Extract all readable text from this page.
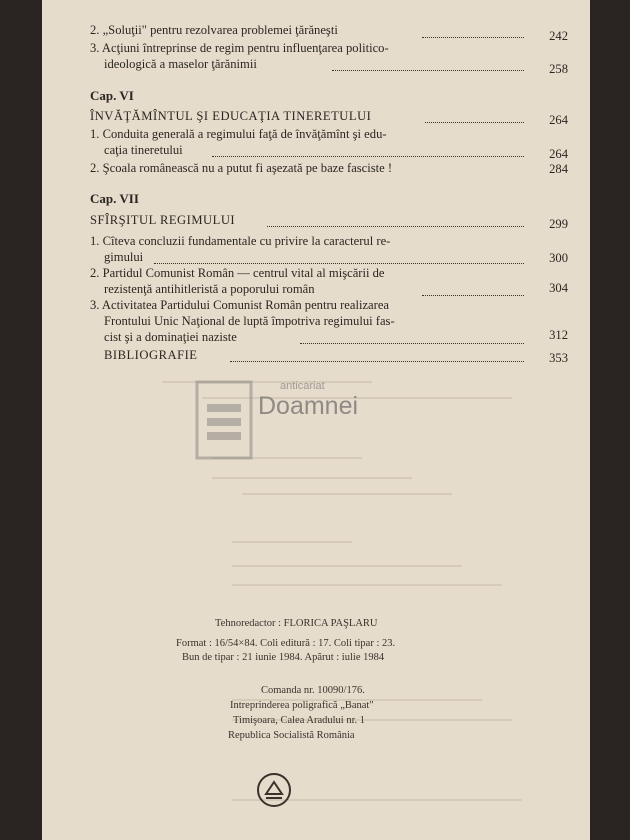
2. „Soluţii" pentru rezolvarea problemei ţărăneşti	242
3. Acţiuni întreprinse de regim pentru influenţarea politico-
ideologică a maselor ţărănimii	258
Cap. VI
ÎNVĂŢĂMÎNTUL ŞI EDUCAŢIA TINERETULUI	264
1. Conduita generală a regimului faţă de învăţămînt şi edu-
caţia tineretului	264
2. Şcoala românească nu a putut fi aşezată pe baze fasciste !	284
Cap. VII
SFÎRŞITUL REGIMULUI	299
1. Cîteva concluzii fundamentale cu privire la caracterul re-
gimului	300
2. Partidul Comunist Român — centrul vital al mişcării de
rezistenţă antihitleristă a poporului român	304
3. Activitatea Partidului Comunist Român pentru realizarea
Frontului Unic Naţional de luptă împotriva regimului fas-
cist şi a dominaţiei naziste	312
BIBLIOGRAFIE	353
Tehnoredactor : FLORICA PAŞLARU
Format : 16/54×84. Coli editură : 17. Coli tipar : 23.
Bun de tipar : 21 iunie 1984. Apărut : iulie 1984
Comanda nr. 10090/176.
Intreprinderea poligrafică „Banat"
Timişoara, Calea Aradului nr. 1
Republica Socialistă România
anticariat
Doamnei
